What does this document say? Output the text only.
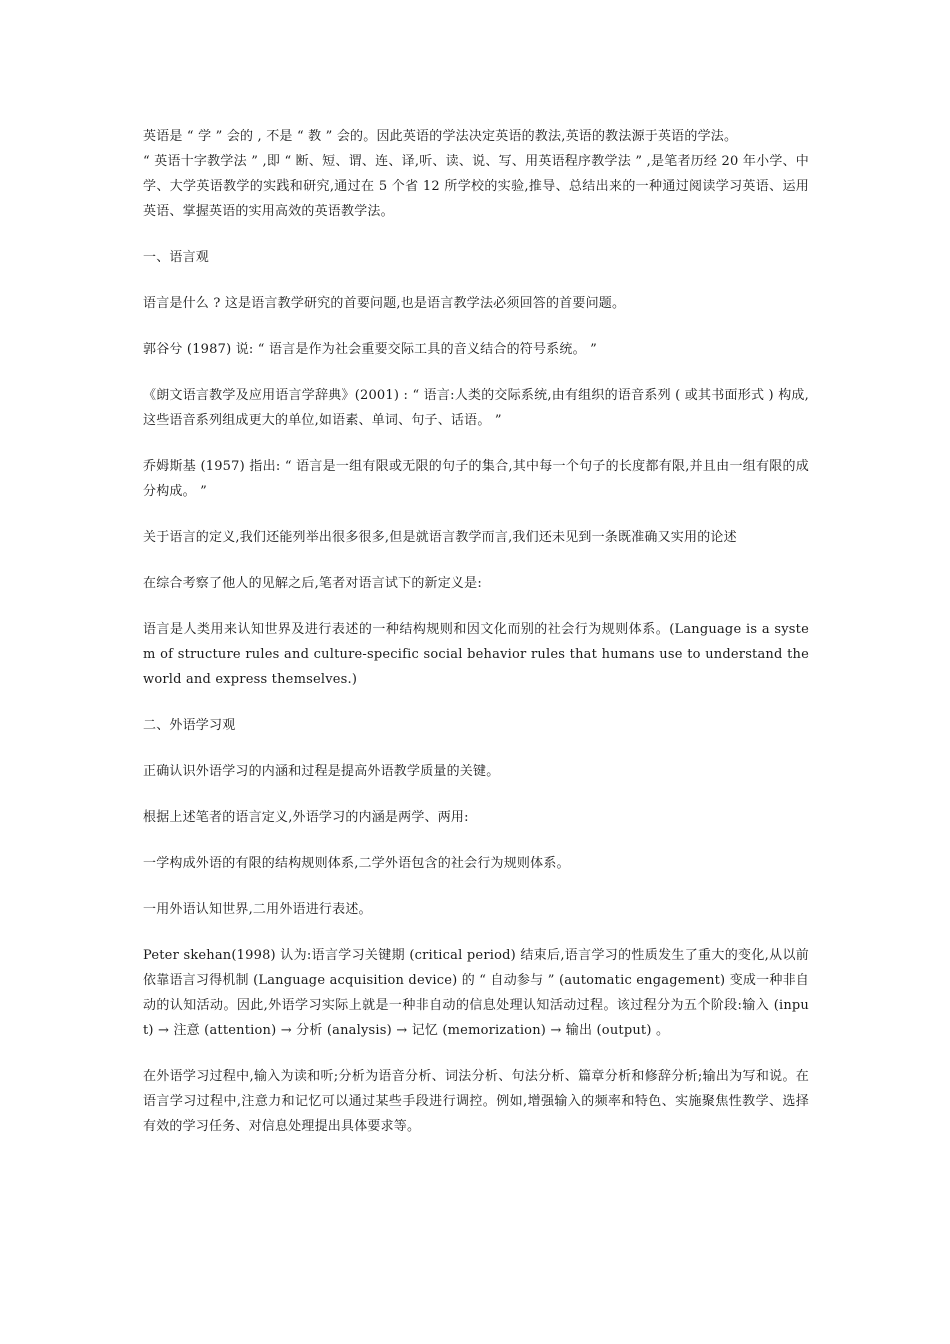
英语是 “ 学 ” 会的 , 不是 “ 教 ” 会的。因此英语的学法决定英语的教法,英语的教法源于英语的学法。

“ 英语十字教学法 ” ,即 “ 断、短、谓、连、译,听、读、说、写、用英语程序教学法 ” ,是笔者历经 20 年小学、中学、大学英语教学的实践和研究,通过在 5 个省 12 所学校的实验,推导、总结出来的一种通过阅读学习英语、运用英语、掌握英语的实用高效的英语教学法。

一、语言观

语言是什么 ? 这是语言教学研究的首要问题,也是语言教学法必须回答的首要问题。

郭谷兮 (1987) 说: “ 语言是作为社会重要交际工具的音义结合的符号系统。 ”

《朗文语言教学及应用语言学辞典》(2001) : “ 语言:人类的交际系统,由有组织的语音系列 ( 或其书面形式 ) 构成,这些语音系列组成更大的单位,如语素、单词、句子、话语。 ”

乔姆斯基 (1957) 指出: “ 语言是一组有限或无限的句子的集合,其中每一个句子的长度都有限,并且由一组有限的成分构成。 ”

关于语言的定义,我们还能列举出很多很多,但是就语言教学而言,我们还未见到一条既准确又实用的论述

在综合考察了他人的见解之后,笔者对语言试下的新定义是:

语言是人类用来认知世界及进行表述的一种结构规则和因文化而别的社会行为规则体系。(Language is a system of structure rules and culture-specific social behavior rules that humans use to understand the world and express themselves.)

二、外语学习观

正确认识外语学习的内涵和过程是提高外语教学质量的关键。

根据上述笔者的语言定义,外语学习的内涵是两学、两用:

一学构成外语的有限的结构规则体系,二学外语包含的社会行为规则体系。

一用外语认知世界,二用外语进行表述。

Peter skehan(1998) 认为:语言学习关键期 (critical period) 结束后,语言学习的性质发生了重大的变化,从以前依靠语言习得机制 (Language acquisition device) 的 “ 自动参与 ” (automatic engagement) 变成一种非自动的认知活动。因此,外语学习实际上就是一种非自动的信息处理认知活动过程。该过程分为五个阶段:输入 (input) → 注意 (attention) → 分析 (analysis) → 记忆 (memorization) → 输出 (output) 。

在外语学习过程中,输入为读和听;分析为语音分析、词法分析、句法分析、篇章分析和修辞分析;输出为写和说。在语言学习过程中,注意力和记忆可以通过某些手段进行调控。例如,增强输入的频率和特色、实施聚焦性教学、选择有效的学习任务、对信息处理提出具体要求等。
